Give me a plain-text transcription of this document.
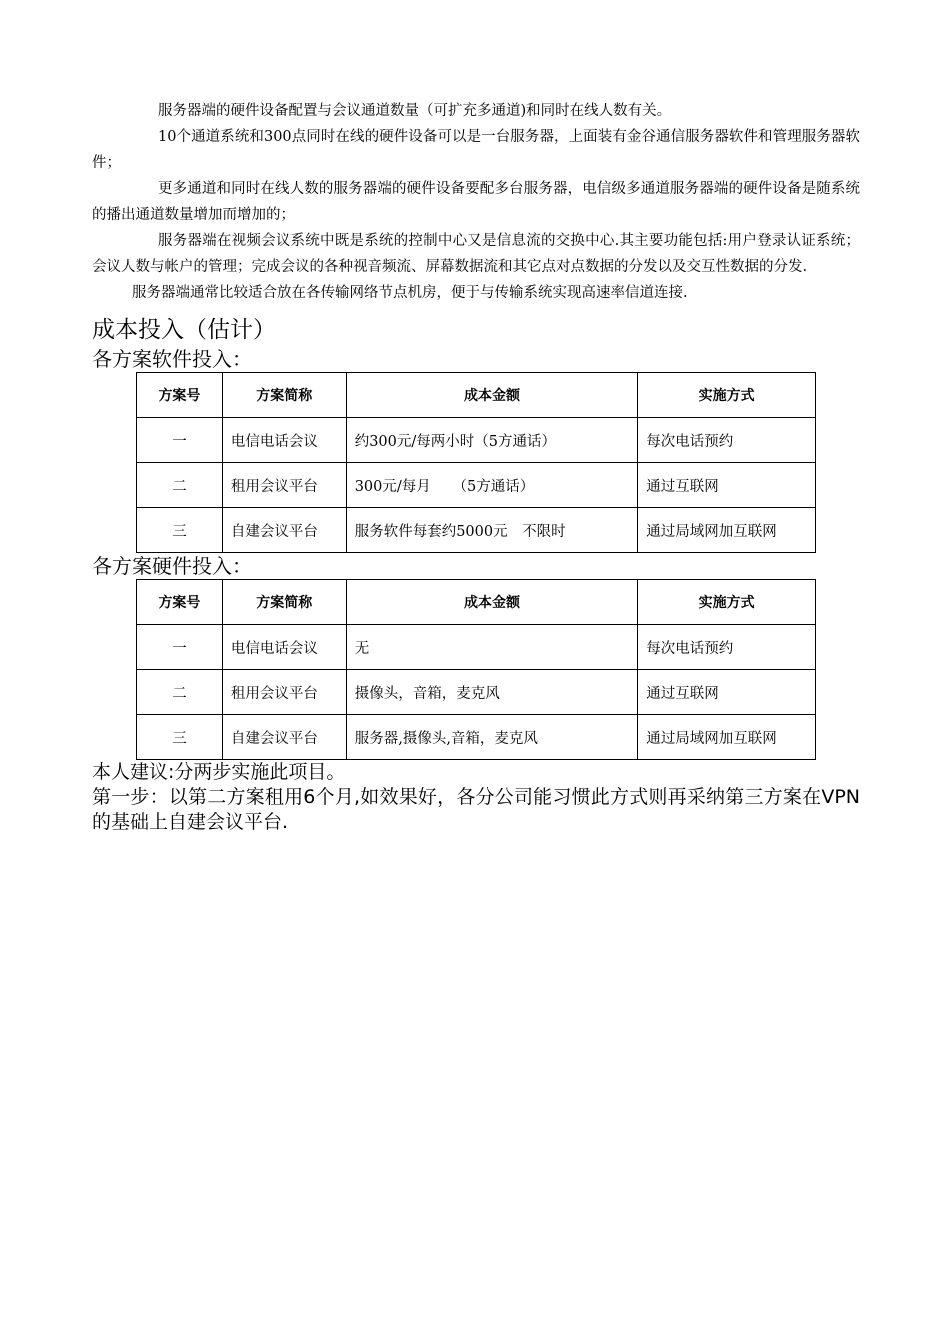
服务器端的硬件设备配置与会议通道数量（可扩充多通道)和同时在线人数有关。

10个通道系统和300点同时在线的硬件设备可以是一台服务器，上面装有金谷通信服务器软件和管理服务器软件；

更多通道和同时在线人数的服务器端的硬件设备要配多台服务器，电信级多通道服务器端的硬件设备是随系统的播出通道数量增加而增加的；

服务器端在视频会议系统中既是系统的控制中心又是信息流的交换中心.其主要功能包括:用户登录认证系统；会议人数与帐户的管理；完成会议的各种视音频流、屏幕数据流和其它点对点数据的分发以及交互性数据的分发.

服务器端通常比较适合放在各传输网络节点机房，便于与传输系统实现高速率信道连接.

成本投入（估计）
各方案软件投入：
方案号	方案简称	成本金额	实施方式
一	电信电话会议	约300元/每两小时（5方通话）	每次电话预约
二	租用会议平台	300元/每月　　（5方通话）	通过互联网
三	自建会议平台	服务软件每套约5000元　不限时	通过局域网加互联网
各方案硬件投入：
方案号	方案简称	成本金额	实施方式
一	电信电话会议	无	每次电话预约
二	租用会议平台	摄像头，音箱，麦克风	通过互联网
三	自建会议平台	服务器,摄像头,音箱，麦克风	通过局域网加互联网

本人建议:分两步实施此项目。

第一步：以第二方案租用6个月,如效果好，各分公司能习惯此方式则再采纳第三方案在VPN的基础上自建会议平台.
